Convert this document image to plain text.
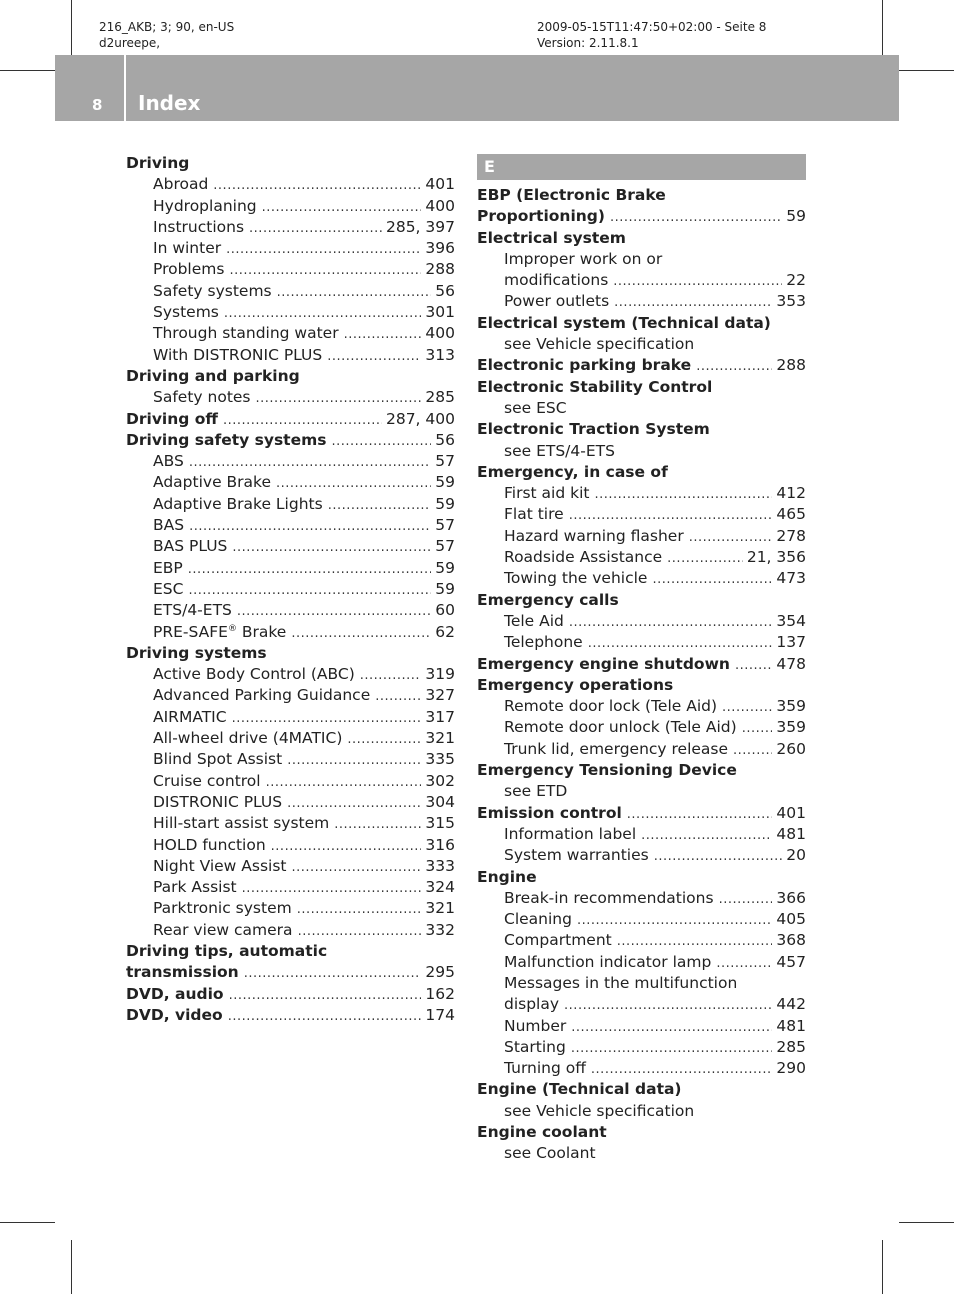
216_AKB; 3; 90, en-US
d2ureepe,
2009-05-15T11:47:50+02:00 - Seite 8
Version: 2.11.8.1
8 Index
Driving
Abroad .....	401
Hydroplaning .....	400
Instructions .....	285, 397
In winter .....	396
Problems .....	288
Safety systems .....	56
Systems .....	301
Through standing water .....	400
With DISTRONIC PLUS .....	313
Driving and parking
Safety notes .....	285
Driving off .....	287, 400
Driving safety systems .....	56
ABS .....	57
Adaptive Brake .....	59
Adaptive Brake Lights .....	59
BAS .....	57
BAS PLUS .....	57
EBP .....	59
ESC .....	59
ETS/4-ETS .....	60
PRE-SAFE® Brake .....	62
Driving systems
Active Body Control (ABC) .....	319
Advanced Parking Guidance .....	327
AIRMATIC .....	317
All-wheel drive (4MATIC) .....	321
Blind Spot Assist .....	335
Cruise control .....	302
DISTRONIC PLUS .....	304
Hill-start assist system .....	315
HOLD function .....	316
Night View Assist .....	333
Park Assist .....	324
Parktronic system .....	321
Rear view camera .....	332
Driving tips, automatic
transmission .....	295
DVD, audio .....	162
DVD, video .....	174
E
EBP (Electronic Brake
Proportioning) .....	59
Electrical system
Improper work on or
modifications .....	22
Power outlets .....	353
Electrical system (Technical data)
see Vehicle specification
Electronic parking brake .....	288
Electronic Stability Control
see ESC
Electronic Traction System
see ETS/4-ETS
Emergency, in case of
First aid kit .....	412
Flat tire .....	465
Hazard warning flasher .....	278
Roadside Assistance .....	21, 356
Towing the vehicle .....	473
Emergency calls
Tele Aid .....	354
Telephone .....	137
Emergency engine shutdown .....	478
Emergency operations
Remote door lock (Tele Aid) .....	359
Remote door unlock (Tele Aid) .....	359
Trunk lid, emergency release .....	260
Emergency Tensioning Device
see ETD
Emission control .....	401
Information label .....	481
System warranties .....	20
Engine
Break-in recommendations .....	366
Cleaning .....	405
Compartment .....	368
Malfunction indicator lamp .....	457
Messages in the multifunction
display .....	442
Number .....	481
Starting .....	285
Turning off .....	290
Engine (Technical data)
see Vehicle specification
Engine coolant
see Coolant
